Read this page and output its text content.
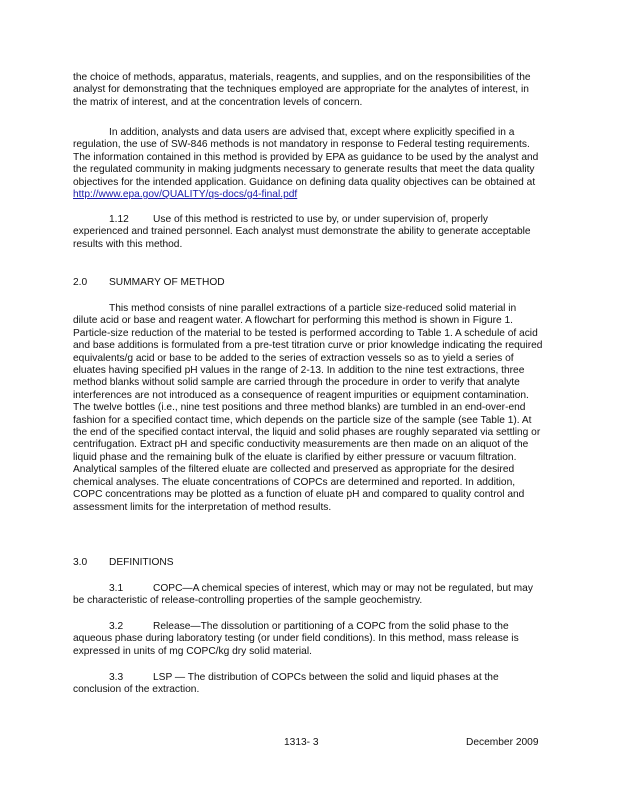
the choice of methods, apparatus, materials, reagents, and supplies, and on the responsibilities of the analyst for demonstrating that the techniques employed are appropriate for the analytes of interest, in the matrix of interest, and at the concentration levels of concern.

In addition, analysts and data users are advised that, except where explicitly specified in a regulation, the use of SW-846 methods is not mandatory in response to Federal testing requirements. The information contained in this method is provided by EPA as guidance to be used by the analyst and the regulated community in making judgments necessary to generate results that meet the data quality objectives for the intended application. Guidance on defining data quality objectives can be obtained at http://www.epa.gov/QUALITY/qs-docs/g4-final.pdf

1.12 Use of this method is restricted to use by, or under supervision of, properly experienced and trained personnel. Each analyst must demonstrate the ability to generate acceptable results with this method.

2.0 SUMMARY OF METHOD

This method consists of nine parallel extractions of a particle size-reduced solid material in dilute acid or base and reagent water. A flowchart for performing this method is shown in Figure 1. Particle-size reduction of the material to be tested is performed according to Table 1. A schedule of acid and base additions is formulated from a pre-test titration curve or prior knowledge indicating the required equivalents/g acid or base to be added to the series of extraction vessels so as to yield a series of eluates having specified pH values in the range of 2-13. In addition to the nine test extractions, three method blanks without solid sample are carried through the procedure in order to verify that analyte interferences are not introduced as a consequence of reagent impurities or equipment contamination. The twelve bottles (i.e., nine test positions and three method blanks) are tumbled in an end-over-end fashion for a specified contact time, which depends on the particle size of the sample (see Table 1). At the end of the specified contact interval, the liquid and solid phases are roughly separated via settling or centrifugation. Extract pH and specific conductivity measurements are then made on an aliquot of the liquid phase and the remaining bulk of the eluate is clarified by either pressure or vacuum filtration. Analytical samples of the filtered eluate are collected and preserved as appropriate for the desired chemical analyses. The eluate concentrations of COPCs are determined and reported. In addition, COPC concentrations may be plotted as a function of eluate pH and compared to quality control and assessment limits for the interpretation of method results.

3.0 DEFINITIONS

3.1	COPC—A chemical species of interest, which may or may not be regulated, but may be characteristic of release-controlling properties of the sample geochemistry.

3.2	Release—The dissolution or partitioning of a COPC from the solid phase to the aqueous phase during laboratory testing (or under field conditions). In this method, mass release is expressed in units of mg COPC/kg dry solid material.

3.3	LSP — The distribution of COPCs between the solid and liquid phases at the conclusion of the extraction.

1313- 3	December 2009
